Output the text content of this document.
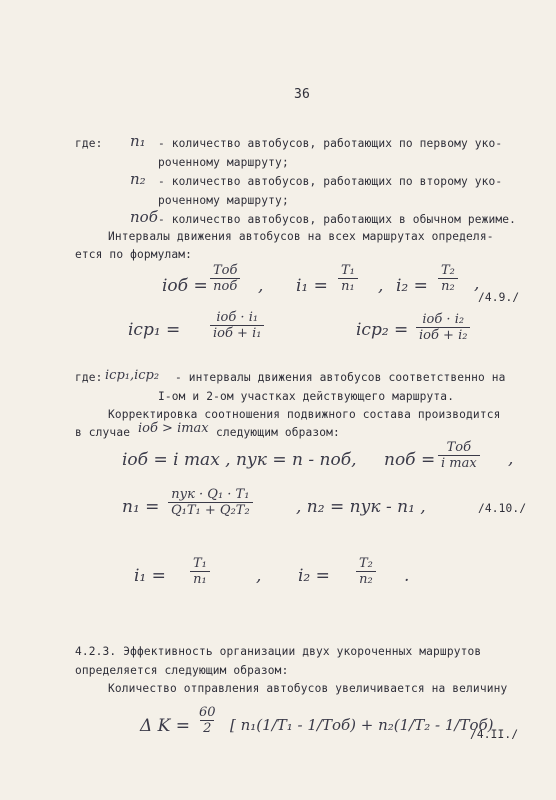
36
где: n₁ - количество автобусов, работающих по первому уко-
роченному маршруту;
n₂ - количество автобусов, работающих по второму уко-
роченному маршруту;
nоб - количество автобусов, работающих в обычном режиме.
Интервалы движения автобусов на всех маршрутах определя-
ется по формулам:
iоб =
Tоб
nоб , $i_1 = \frac{\text{T₁}}{\text{n₁}}$ , $i_2 = \frac{\text{T₂}}{\text{n₂}}$ ,
/4.9./
iср₁ =
iоб · i₁
iоб + i₁	iср₂ =
iоб · i₂
iоб + i₂
где: iср₁,iср₂ - интервалы движения автобусов соответственно на
I-ом и 2-ом участках действующего маршрута.
Корректировка соотношения подвижного состава производится
в случае iоб > imax следующим образом:
iоб = i max , nук = n - nоб, nоб =
Tоб
i max ,
n₁ =
nук · Q₁ · T₁
Q₁T₁ + Q₂T₂	, n₂ = nук - n₁ ,	/4.10./
$i_1 = \frac{\text{T₁}}{\text{n₁}}$	, $i_2 = \frac{\text{T₂}}{\text{n₂}}$ .
4.2.3. Эффективность организации двух укороченных маршрутов
определяется следующим образом:
Количество отправления автобусов увеличивается на величину
Δ $K = \frac{60}{2}$ [ n₁(1/T₁ - 1/Tоб) + n₂(1/T₂ - 1/Tоб)
/4.II./
